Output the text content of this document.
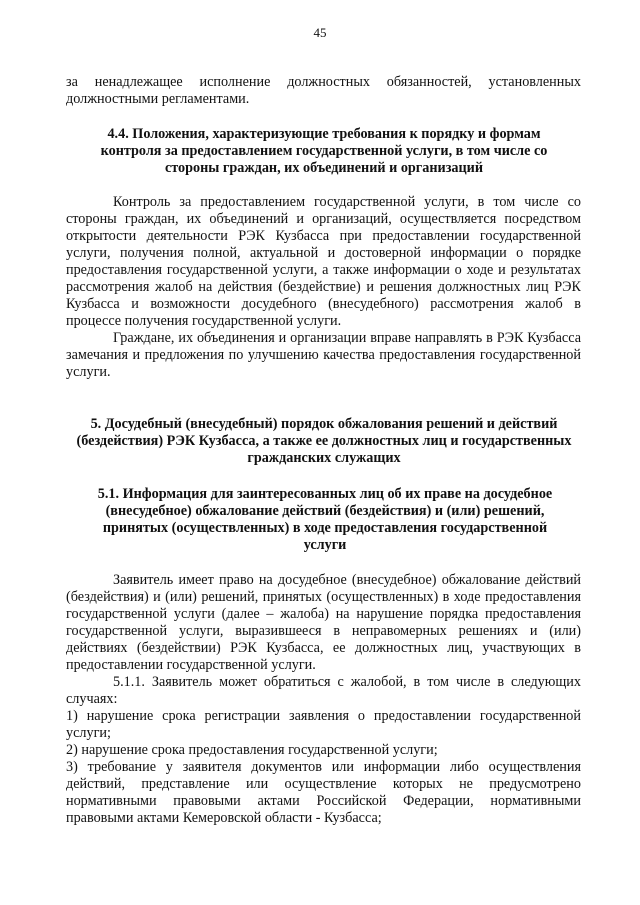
45

за ненадлежащее исполнение должностных обязанностей, установленных должностными регламентами.

4.4. Положения, характеризующие требования к порядку и формам контроля за предоставлением государственной услуги, в том числе со стороны граждан, их объединений и организаций

Контроль за предоставлением государственной услуги, в том числе со стороны граждан, их объединений и организаций, осуществляется посредством открытости деятельности РЭК Кузбасса при предоставлении государственной услуги, получения полной, актуальной и достоверной информации о порядке предоставления государственной услуги, а также информации о ходе и результатах рассмотрения жалоб на действия (бездействие) и решения должностных лиц РЭК Кузбасса и возможности досудебного (внесудебного) рассмотрения жалоб в процессе получения государственной услуги.

Граждане, их объединения и организации вправе направлять в РЭК Кузбасса замечания и предложения по улучшению качества предоставления государственной услуги.

5. Досудебный (внесудебный) порядок обжалования решений и действий (бездействия) РЭК Кузбасса, а также ее должностных лиц и государственных гражданских служащих

5.1. Информация для заинтересованных лиц об их праве на досудебное (внесудебное) обжалование действий (бездействия) и (или) решений, принятых (осуществленных) в ходе предоставления государственной услуги

Заявитель имеет право на досудебное (внесудебное) обжалование действий (бездействия) и (или) решений, принятых (осуществленных) в ходе предоставления государственной услуги (далее – жалоба) на нарушение порядка предоставления государственной услуги, выразившееся в неправомерных решениях и (или) действиях (бездействии) РЭК Кузбасса, ее должностных лиц, участвующих в предоставлении государственной услуги.

5.1.1. Заявитель может обратиться с жалобой, в том числе в следующих случаях:

1) нарушение срока регистрации заявления о предоставлении государственной услуги;

2) нарушение срока предоставления государственной услуги;

3) требование у заявителя документов или информации либо осуществления действий, представление или осуществление которых не предусмотрено нормативными правовыми актами Российской Федерации, нормативными правовыми актами Кемеровской области - Кузбасса;
